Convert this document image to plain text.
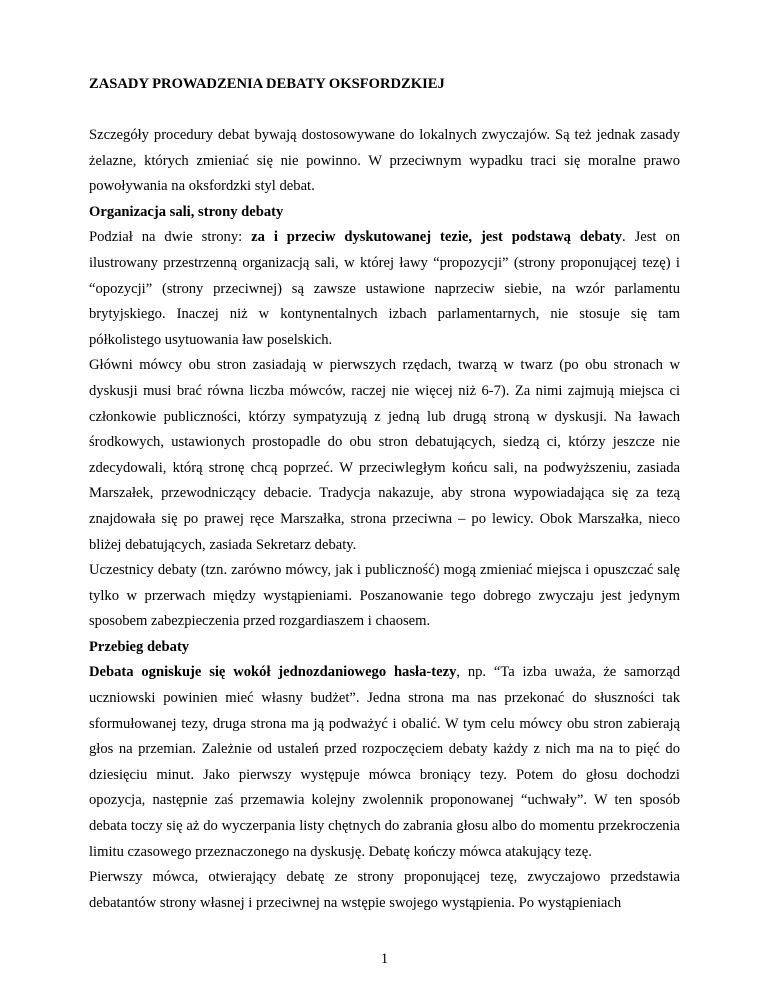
ZASADY PROWADZENIA DEBATY OKSFORDZKIEJ

Szczegóły procedury debat bywają dostosowywane do lokalnych zwyczajów. Są też jednak zasady żelazne, których zmieniać się nie powinno. W przeciwnym wypadku traci się moralne prawo powoływania na oksfordzki styl debat.

Organizacja sali, strony debaty

Podział na dwie strony: za i przeciw dyskutowanej tezie, jest podstawą debaty. Jest on ilustrowany przestrzenną organizacją sali, w której ławy “propozycji” (strony proponującej tezę) i “opozycji” (strony przeciwnej) są zawsze ustawione naprzeciw siebie, na wzór parlamentu brytyjskiego. Inaczej niż w kontynentalnych izbach parlamentarnych, nie stosuje się tam półkolistego usytuowania ław poselskich.

Główni mówcy obu stron zasiadają w pierwszych rzędach, twarzą w twarz (po obu stronach w dyskusji musi brać równa liczba mówców, raczej nie więcej niż 6-7). Za nimi zajmują miejsca ci członkowie publiczności, którzy sympatyzują z jedną lub drugą stroną w dyskusji. Na ławach środkowych, ustawionych prostopadle do obu stron debatujących, siedzą ci, którzy jeszcze nie zdecydowali, którą stronę chcą poprzeć. W przeciwległym końcu sali, na podwyższeniu, zasiada Marszałek, przewodniczący debacie. Tradycja nakazuje, aby strona wypowiadająca się za tezą znajdowała się po prawej ręce Marszałka, strona przeciwna – po lewicy. Obok Marszałka, nieco bliżej debatujących, zasiada Sekretarz debaty.

Uczestnicy debaty (tzn. zarówno mówcy, jak i publiczność) mogą zmieniać miejsca i opuszczać salę tylko w przerwach między wystąpieniami. Poszanowanie tego dobrego zwyczaju jest jedynym sposobem zabezpieczenia przed rozgardiaszem i chaosem.

Przebieg debaty

Debata ogniskuje się wokół jednozdaniowego hasła-tezy, np. “Ta izba uważa, że samorząd uczniowski powinien mieć własny budżet”. Jedna strona ma nas przekonać do słuszności tak sformułowanej tezy, druga strona ma ją podważyć i obalić. W tym celu mówcy obu stron zabierają głos na przemian. Zależnie od ustaleń przed rozpoczęciem debaty każdy z nich ma na to pięć do dziesięciu minut. Jako pierwszy występuje mówca broniący tezy. Potem do głosu dochodzi opozycja, następnie zaś przemawia kolejny zwolennik proponowanej “uchwały”. W ten sposób debata toczy się aż do wyczerpania listy chętnych do zabrania głosu albo do momentu przekroczenia limitu czasowego przeznaczonego na dyskusję. Debatę kończy mówca atakujący tezę.

Pierwszy mówca, otwierający debatę ze strony proponującej tezę, zwyczajowo przedstawia debatantów strony własnej i przeciwnej na wstępie swojego wystąpienia. Po wystąpieniach

1
